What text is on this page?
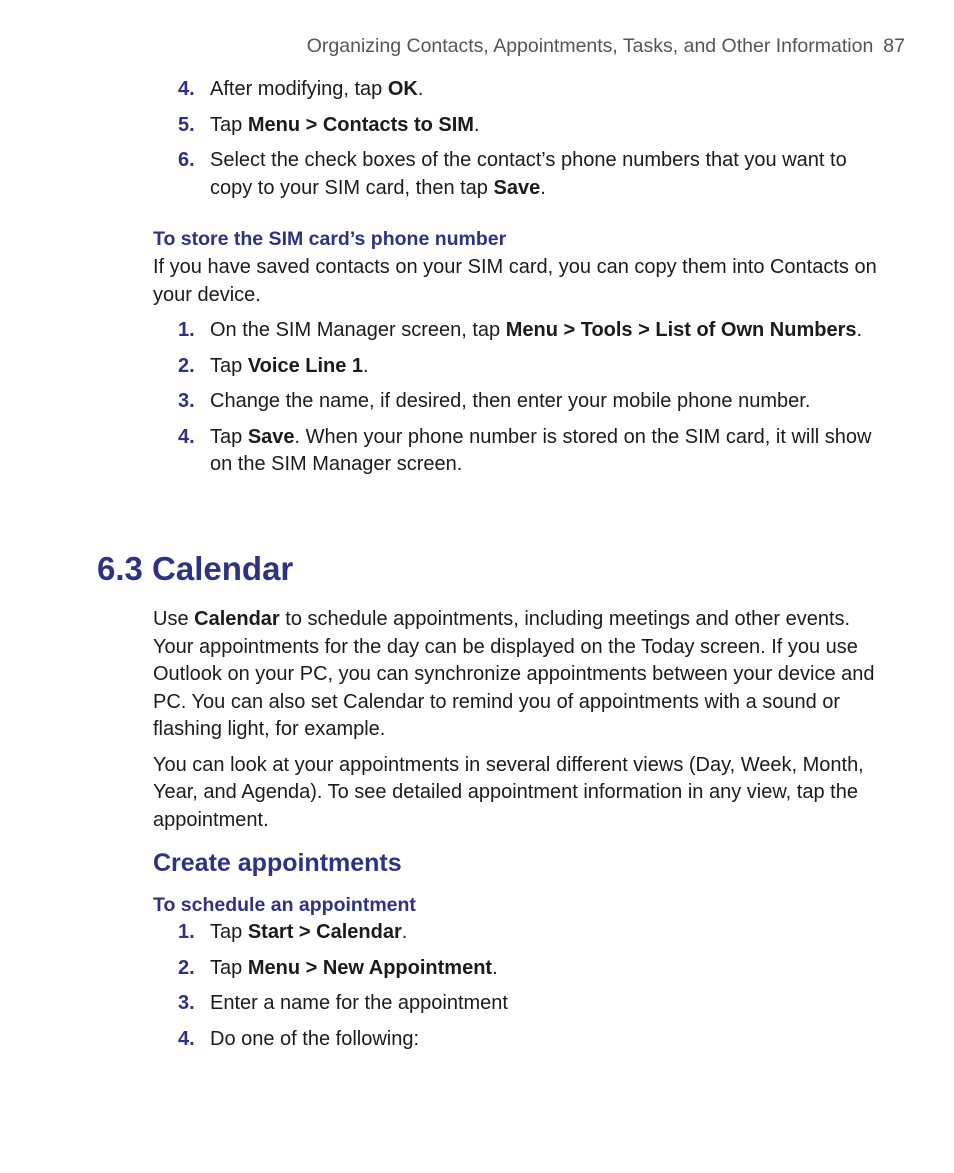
Organizing Contacts, Appointments, Tasks, and Other Information 87
4. After modifying, tap OK.
5. Tap Menu > Contacts to SIM.
6. Select the check boxes of the contact’s phone numbers that you want to copy to your SIM card, then tap Save.
To store the SIM card’s phone number
If you have saved contacts on your SIM card, you can copy them into Contacts on your device.
1. On the SIM Manager screen, tap Menu > Tools > List of Own Numbers.
2. Tap Voice Line 1.
3. Change the name, if desired, then enter your mobile phone number.
4. Tap Save. When your phone number is stored on the SIM card, it will show on the SIM Manager screen.
6.3 Calendar
Use Calendar to schedule appointments, including meetings and other events. Your appointments for the day can be displayed on the Today screen. If you use Outlook on your PC, you can synchronize appointments between your device and PC. You can also set Calendar to remind you of appointments with a sound or flashing light, for example.
You can look at your appointments in several different views (Day, Week, Month, Year, and Agenda). To see detailed appointment information in any view, tap the appointment.
Create appointments
To schedule an appointment
1. Tap Start > Calendar.
2. Tap Menu > New Appointment.
3. Enter a name for the appointment
4. Do one of the following:
